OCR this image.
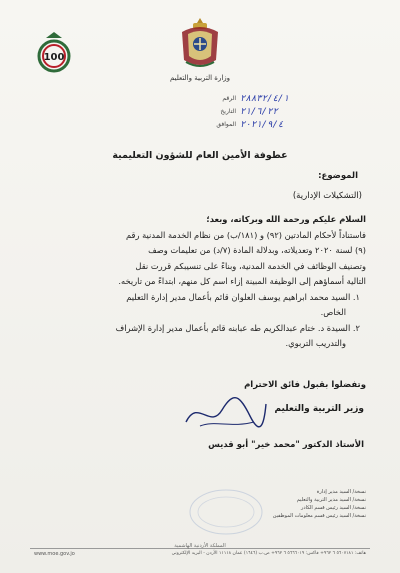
وزارة التربية والتعليم
100
الرقم ٢٨٨٣٢/٤/١
التاريخ ٢١/٦/٢٢
الموافق ٢٠٢١/٩/٤
عطوفة الأمين العام للشؤون التعليمية
الموضوع:
(التشكيلات الإدارية)

السلام عليكم ورحمة الله وبركاته، وبعد؛

فاستناداً لأحكام المادتين (٩٢) و (١٨١/ب) من نظام الخدمة المدنية رقم

(٩) لسنة ٢٠٢٠ وتعديلاته، وبدلالة المادة (٧/د) من تعليمات وصف

وتصنيف الوظائف في الخدمة المدنية، وبناءً على تنسيبكم قررت نقل

التالية أسماؤهم إلى الوظيفة المبينة إزاء اسم كل منهم، ابتداءً من تاريخه.

١. السيد محمد ابراهيم يوسف العلوان قائم بأعمال مدير إدارة التعليم

الخاص.

٢. السيدة د. ختام عبدالكريم طه عبابنه قائم بأعمال مدير إدارة الإشراف

والتدريب التربوي.

وتفضلوا بقبول فائق الاحترام
وزير التربية والتعليم
الأستاذ الدكتور "محمد خير" أبو قديس
نسخة/ السيد مدير إدارة
نسخة/ السيد مدير التربية والتعليم
نسخة/ السيد رئيس قسم الكادر
نسخة/ السيد رئيس قسم معلومات الموظفين
المملكة الأردنية الهاشمية
www.moe.gov.jo	هاتف: ٥٦٠٧١٨١ ٦ ٩٦٢+ فاكس: ٥٦٦٦٠١٩ ٦ ٩٦٢+ ص.ب (١٦٤٦) عمان ١١١١٨ الأردن - البريد الإلكتروني
